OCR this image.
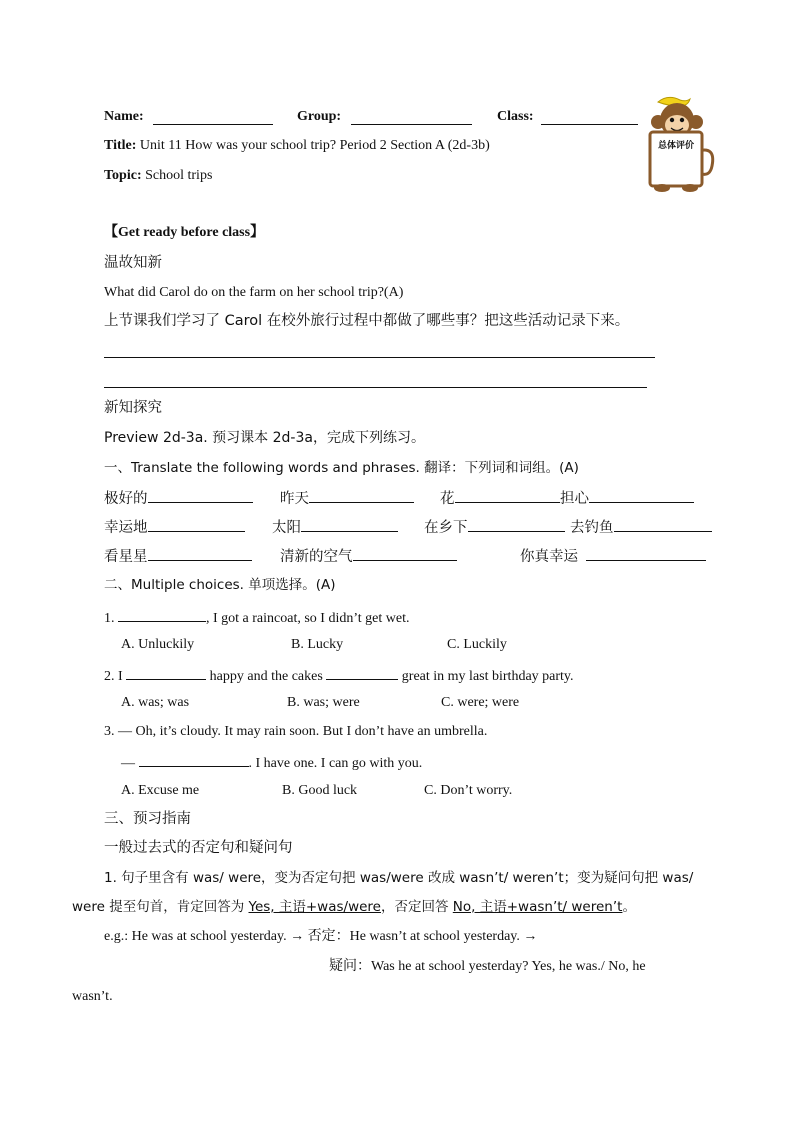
Name:	Group:	Class:
Title: Unit 11 How was your school trip? Period 2 Section A (2d-3b)
Topic: School trips
总体评价
【Get ready before class】
温故知新
What did Carol do on the farm on her school trip?(A)
上节课我们学习了 Carol 在校外旅行过程中都做了哪些事？把这些活动记录下来。
新知探究
Preview 2d-3a. 预习课本 2d-3a，完成下列练习。
一、Translate the following words and phrases. 翻译：下列词和词组。(A)
极好的	昨天	花	担心
幸运地	太阳	在乡下	去钓鱼
看星星	清新的空气	你真幸运
二、Multiple choices. 单项选择。(A)
1.	, I got a raincoat, so I didn’t get wet.
A. Unluckily	B. Lucky	C. Luckily
2. I	happy and the cakes	great in my last birthday party.
A. was; was	B. was; were	C. were; were
3. — Oh, it’s cloudy. It may rain soon. But I don’t have an umbrella.
—	. I have one. I can go with you.
A. Excuse me	B. Good luck	C. Don’t worry.
三、预习指南
一般过去式的否定句和疑问句
1. 句子里含有 was/ were，变为否定句把 was/were 改成 wasn’t/ weren’t；变为疑问句把 was/
were 提至句首，肯定回答为 Yes, 主语+was/were，否定回答 No, 主语+wasn’t/ weren’t。
e.g.: He was at school yesterday. → 否定：He wasn’t at school yesterday. →
疑问：Was he at school yesterday? Yes, he was./ No, he
wasn’t.
